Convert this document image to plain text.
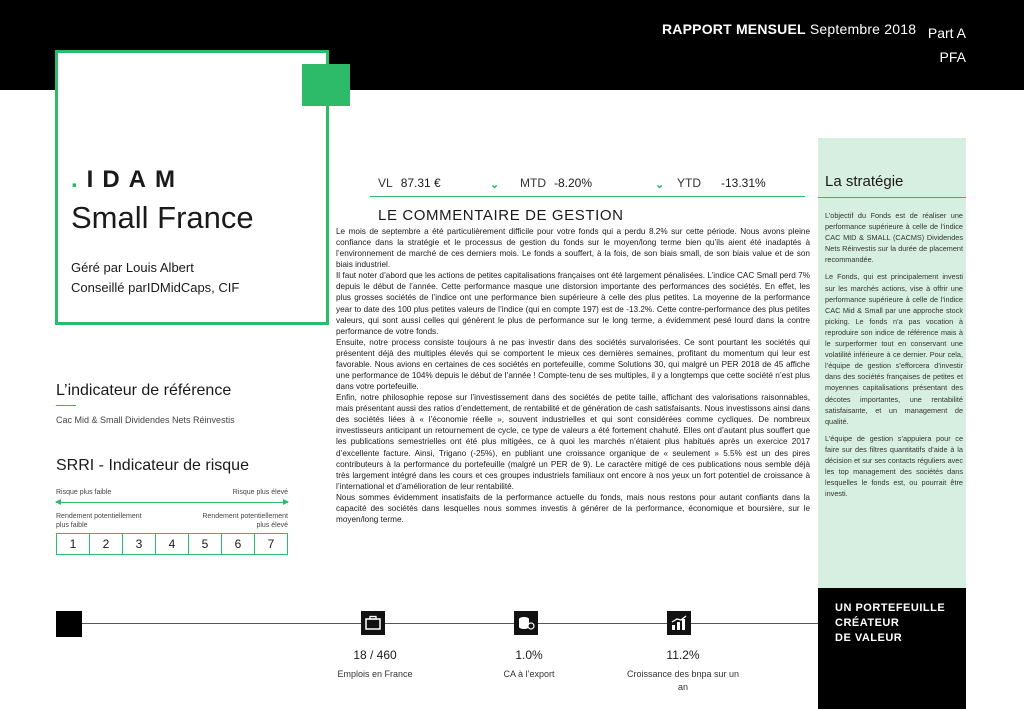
RAPPORT MENSUEL Septembre 2018 Part A
PFA
.IDAM
Small France
Géré par Louis Albert
Conseillé parIDMidCaps, CIF
L’indicateur de référence
Cac Mid & Small Dividendes Nets Réinvestis
SRRI - Indicateur de risque
Risque plus faible	Risque plus élevé
Rendement potentiellement plus faible
Rendement potentiellement plus élevé
1	2	3	4	5	6	7
VL 87.31 €	⌄ MTD -8.20%	⌄ YTD -13.31%
LE COMMENTAIRE DE GESTION

Le mois de septembre a été particulièrement difficile pour votre fonds qui a perdu 8.2% sur cette période. Nous avons pleine confiance dans la stratégie et le processus de gestion du fonds sur le moyen/long terme bien qu’ils aient été inadaptés à l’environnement de marché de ces derniers mois. Le fonds a souffert, à la fois, de son biais small, de son biais value et de son biais industriel.

Il faut noter d’abord que les actions de petites capitalisations françaises ont été largement pénalisées. L’indice CAC Small perd 7% depuis le début de l’année. Cette performance masque une distorsion importante des performances des sociétés. En effet, les plus grosses sociétés de l’indice ont une performance bien supérieure à celle des plus petites. La moyenne de la performance year to date des 100 plus petites valeurs de l’indice (qui en compte 197) est de -13.2%. Cette contre-performance des plus petites valeurs, qui sont aussi celles qui génèrent le plus de performance sur le long terme, a évidemment pesé lourd dans la contre performance de votre fonds.

Ensuite, notre process consiste toujours à ne pas investir dans des sociétés survalorisées. Ce sont pourtant les sociétés qui présentent déjà des multiples élevés qui se comportent le mieux ces dernières semaines, profitant du momentum qui leur est favorable. Nous avions en certaines de ces sociétés en portefeuille, comme Solutions 30, qui malgré un PER 2018 de 45 affiche une performance de 104% depuis le début de l’année ! Compte-tenu de ses multiples, il y a longtemps que cette société n’est plus dans votre portefeuille.

Enfin, notre philosophie repose sur l’investissement dans des sociétés de petite taille, affichant des valorisations raisonnables, mais présentant aussi des ratios d’endettement, de rentabilité et de génération de cash satisfaisants. Nous investissons ainsi dans des sociétés liées à « l’économie réelle », souvent industrielles et qui sont considérées comme cycliques. De nombreux investisseurs anticipant un retournement de cycle, ce type de valeurs a été fortement chahuté. Elles ont d’autant plus souffert que les publications semestrielles ont été plus mitigées, ce à quoi les marchés n’étaient plus habitués après un exercice 2017 d’excellente facture. Ainsi, Trigano (-25%), en publiant une croissance organique de « seulement » 5.5% est un des pires contributeurs à la performance du portefeuille (malgré un PER de 9). Le caractère mitigé de ces publications nous semble déjà très largement intégré dans les cours et ces groupes industriels familiaux ont encore à nos yeux un fort potentiel de croissance à l’international et d’amélioration de leur rentabilité.

Nous sommes évidemment insatisfaits de la performance actuelle du fonds, mais nous restons pour autant confiants dans la capacité des sociétés dans lesquelles nous sommes investis à générer de la performance, économique et boursière, sur le moyen/long terme.

La stratégie

L’objectif du Fonds est de réaliser une performance supérieure à celle de l’indice CAC MID & SMALL (CACMS) Dividendes Nets Réinvestis sur la durée de placement recommandée.

Le Fonds, qui est principalement investi sur les marchés actions, vise à offrir une performance supérieure à celle de l’indice CAC Mid & Small par une approche stock picking. Le fonds n’a pas vocation à reproduire son indice de référence mais à le surperformer tout en conservant une volatilité inférieure à ce dernier. Pour cela, l’équipe de gestion s’efforcera d’investir dans des sociétés françaises de petites et moyennes capitalisations présentant des décotes importantes, une rentabilité satisfaisante, et un management de qualité.

L’équipe de gestion s’appuiera pour ce faire sur des filtres quantitatifs d’aide à la décision et sur ses contacts réguliers avec les top management des sociétés dans lesquelles le fonds est, ou pourrait être investi.

UN PORTEFEUILLE
CRÉATEUR
DE VALEUR
18 / 460
Emplois en France
1.0%
CA à l’export
11.2%
Croissance des bnpa sur un an
